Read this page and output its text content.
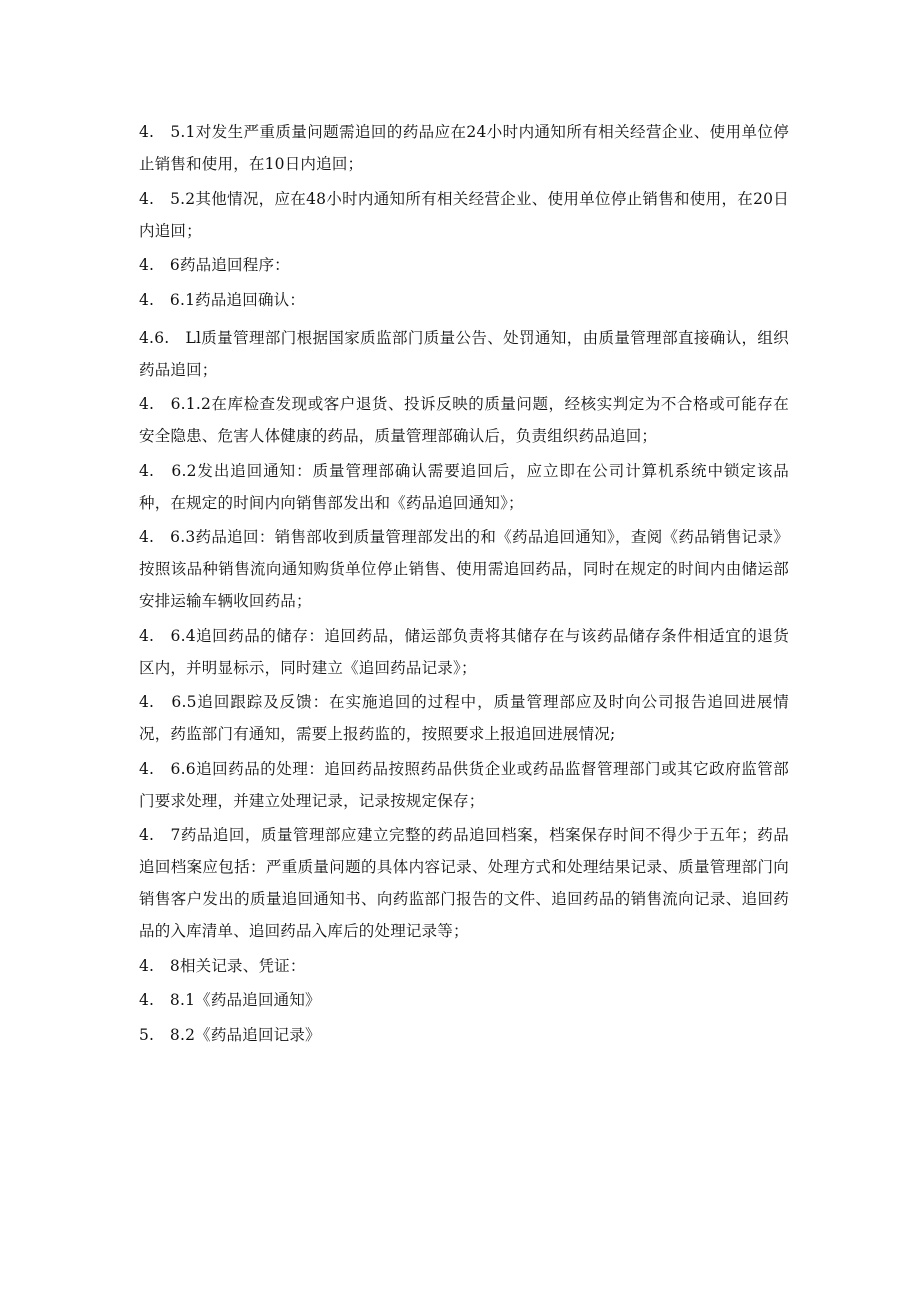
4.　5.1对发生严重质量问题需追回的药品应在24小时内通知所有相关经营企业、使用单位停止销售和使用，在10日内追回；

4.　5.2其他情况，应在48小时内通知所有相关经营企业、使用单位停止销售和使用，在20日内追回；

4.　6药品追回程序：

4.　6.1药品追回确认：

4.6.　Ll质量管理部门根据国家质监部门质量公告、处罚通知，由质量管理部直接确认，组织药品追回；

4.　6.1.2在库检查发现或客户退货、投诉反映的质量问题，经核实判定为不合格或可能存在安全隐患、危害人体健康的药品，质量管理部确认后，负责组织药品追回；

4.　6.2发出追回通知：质量管理部确认需要追回后，应立即在公司计算机系统中锁定该品种，在规定的时间内向销售部发出和《药品追回通知》；

4.　6.3药品追回：销售部收到质量管理部发出的和《药品追回通知》，查阅《药品销售记录》按照该品种销售流向通知购货单位停止销售、使用需追回药品，同时在规定的时间内由储运部安排运输车辆收回药品；

4.　6.4追回药品的储存：追回药品，储运部负责将其储存在与该药品储存条件相适宜的退货区内，并明显标示，同时建立《追回药品记录》；

4.　6.5追回跟踪及反馈：在实施追回的过程中，质量管理部应及时向公司报告追回进展情况，药监部门有通知，需要上报药监的，按照要求上报追回进展情况;

4.　6.6追回药品的处理：追回药品按照药品供货企业或药品监督管理部门或其它政府监管部门要求处理，并建立处理记录，记录按规定保存；

4.　7药品追回，质量管理部应建立完整的药品追回档案，档案保存时间不得少于五年；药品追回档案应包括：严重质量问题的具体内容记录、处理方式和处理结果记录、质量管理部门向销售客户发出的质量追回通知书、向药监部门报告的文件、追回药品的销售流向记录、追回药品的入库清单、追回药品入库后的处理记录等；

4.　8相关记录、凭证：

4.　8.1《药品追回通知》

5.　8.2《药品追回记录》
